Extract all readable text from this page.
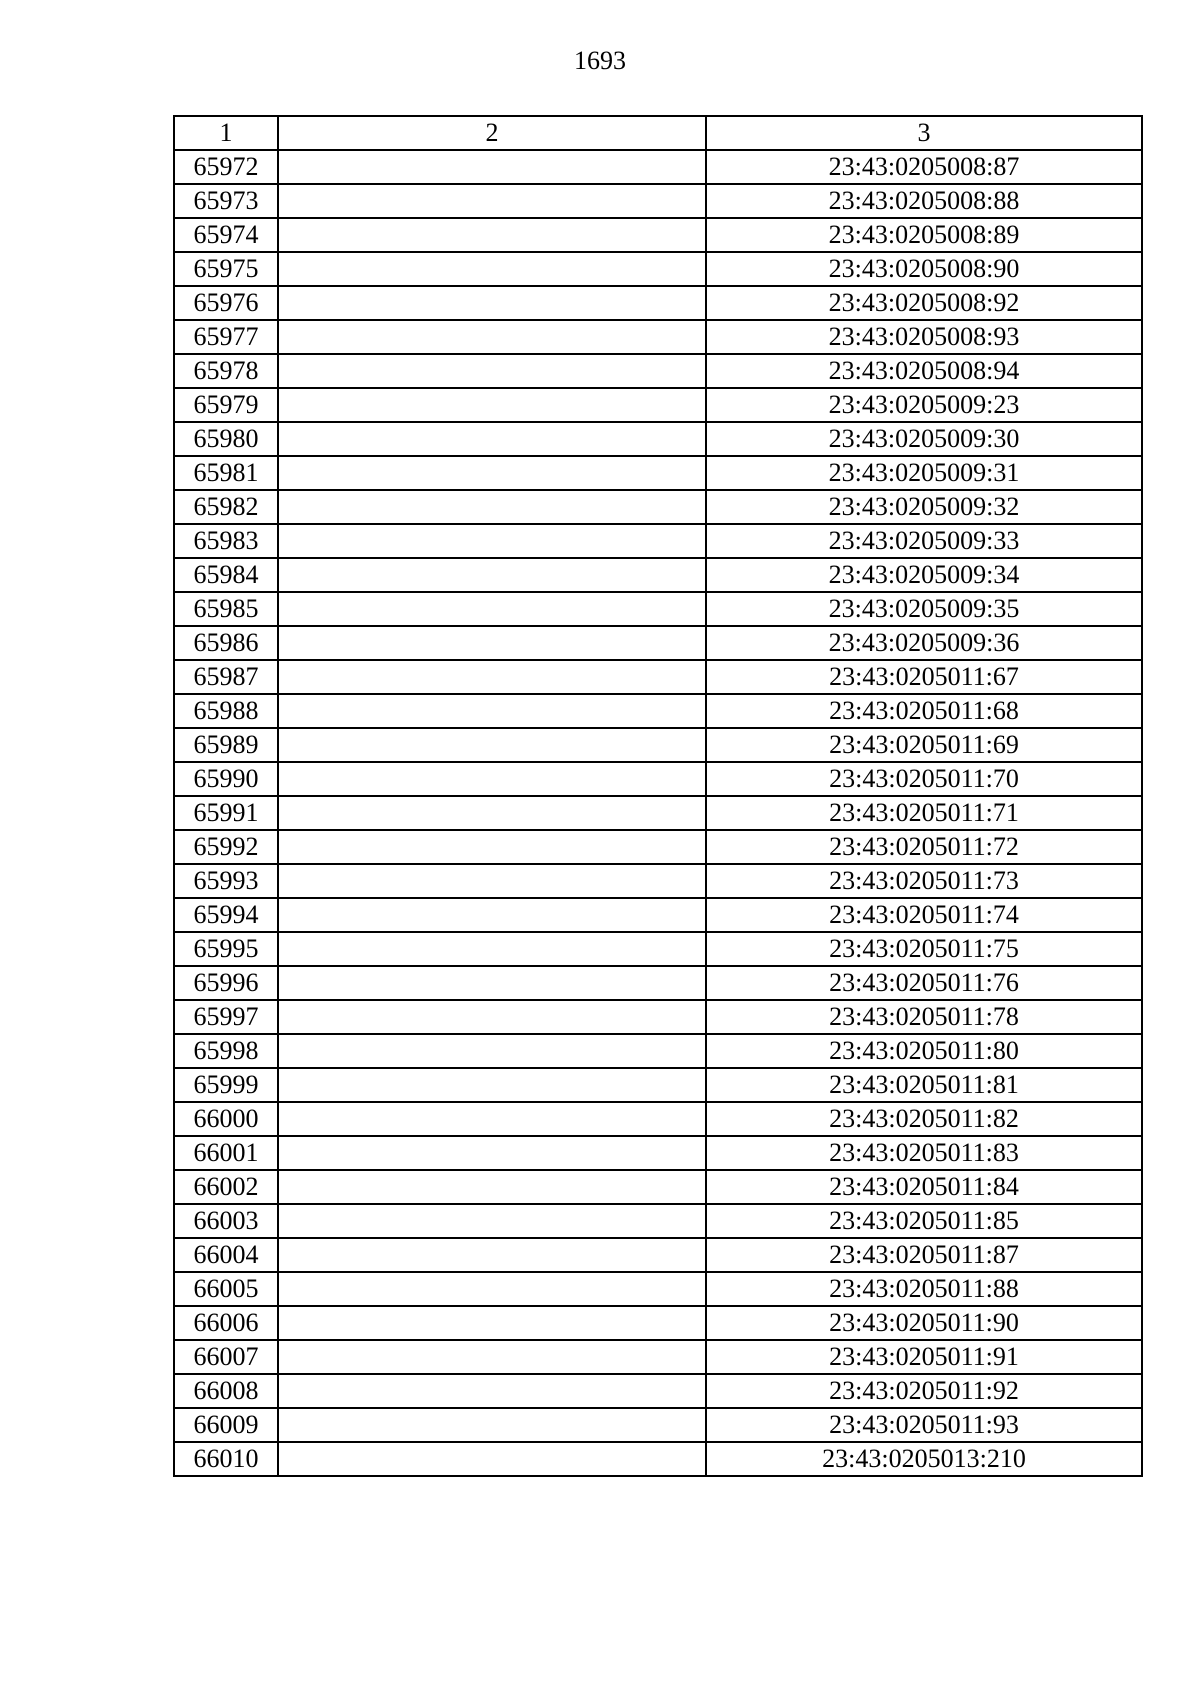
1693
1	2	3
65972		23:43:0205008:87
65973		23:43:0205008:88
65974		23:43:0205008:89
65975		23:43:0205008:90
65976		23:43:0205008:92
65977		23:43:0205008:93
65978		23:43:0205008:94
65979		23:43:0205009:23
65980		23:43:0205009:30
65981		23:43:0205009:31
65982		23:43:0205009:32
65983		23:43:0205009:33
65984		23:43:0205009:34
65985		23:43:0205009:35
65986		23:43:0205009:36
65987		23:43:0205011:67
65988		23:43:0205011:68
65989		23:43:0205011:69
65990		23:43:0205011:70
65991		23:43:0205011:71
65992		23:43:0205011:72
65993		23:43:0205011:73
65994		23:43:0205011:74
65995		23:43:0205011:75
65996		23:43:0205011:76
65997		23:43:0205011:78
65998		23:43:0205011:80
65999		23:43:0205011:81
66000		23:43:0205011:82
66001		23:43:0205011:83
66002		23:43:0205011:84
66003		23:43:0205011:85
66004		23:43:0205011:87
66005		23:43:0205011:88
66006		23:43:0205011:90
66007		23:43:0205011:91
66008		23:43:0205011:92
66009		23:43:0205011:93
66010		23:43:0205013:210
